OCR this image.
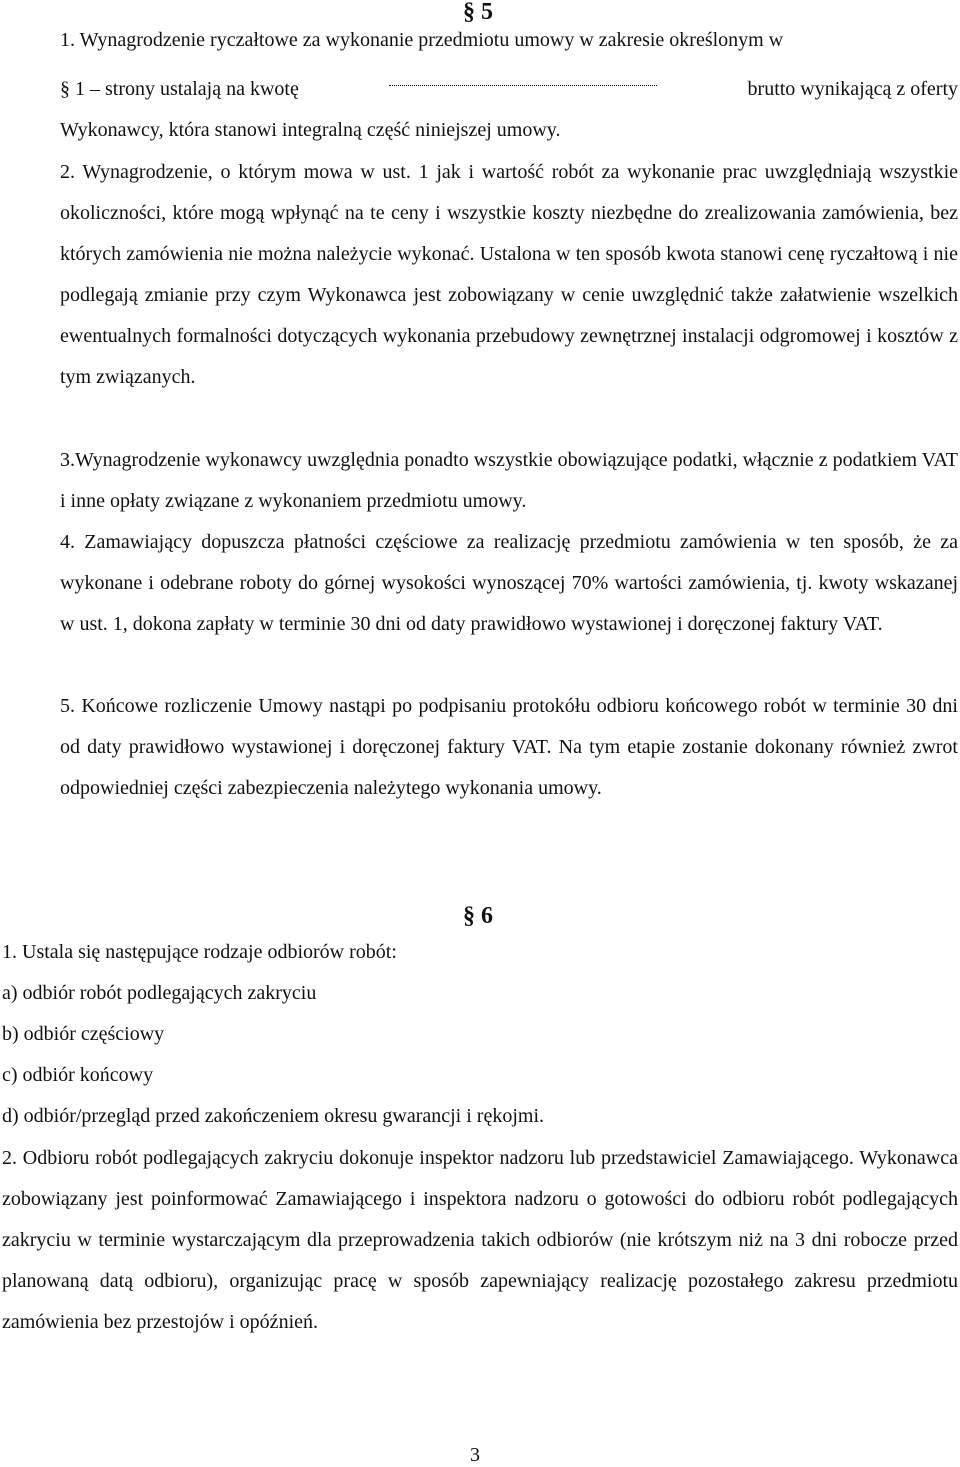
§ 5

1. Wynagrodzenie ryczałtowe za wykonanie przedmiotu umowy w zakresie określonym w

§ 1 – strony ustalają na kwotę	brutto wynikającą z oferty

Wykonawcy, która stanowi integralną część niniejszej umowy.

2. Wynagrodzenie, o którym mowa w ust. 1 jak i wartość robót za wykonanie prac uwzględniają wszystkie okoliczności, które mogą wpłynąć na te ceny i wszystkie koszty niezbędne do zrealizowania zamówienia, bez których zamówienia nie można należycie wykonać. Ustalona w ten sposób kwota stanowi cenę ryczałtową i nie podlegają zmianie przy czym Wykonawca jest zobowiązany w cenie uwzględnić także załatwienie wszelkich ewentualnych formalności dotyczących wykonania przebudowy zewnętrznej instalacji odgromowej i kosztów z tym związanych.

3.Wynagrodzenie wykonawcy uwzględnia ponadto wszystkie obowiązujące podatki, włącznie z podatkiem VAT i inne opłaty związane z wykonaniem przedmiotu umowy.

4. Zamawiający dopuszcza płatności częściowe za realizację przedmiotu zamówienia w ten sposób, że za wykonane i odebrane roboty do górnej wysokości wynoszącej 70% wartości zamówienia, tj. kwoty wskazanej w ust. 1, dokona zapłaty w terminie 30 dni od daty prawidłowo wystawionej i doręczonej faktury VAT.

5. Końcowe rozliczenie Umowy nastąpi po podpisaniu protokółu odbioru końcowego robót w terminie 30 dni od daty prawidłowo wystawionej i doręczonej faktury VAT. Na tym etapie zostanie dokonany również zwrot odpowiedniej części zabezpieczenia należytego wykonania umowy.

§ 6

1. Ustala się następujące rodzaje odbiorów robót:

a) odbiór robót podlegających zakryciu

b) odbiór częściowy

c) odbiór końcowy

d) odbiór/przegląd przed zakończeniem okresu gwarancji i rękojmi.

2. Odbioru robót podlegających zakryciu dokonuje inspektor nadzoru lub przedstawiciel Zamawiającego. Wykonawca zobowiązany jest poinformować Zamawiającego i inspektora nadzoru o gotowości do odbioru robót podlegających zakryciu w terminie wystarczającym dla przeprowadzenia takich odbiorów (nie krótszym niż na 3 dni robocze przed planowaną datą odbioru), organizując pracę w sposób zapewniający realizację pozostałego zakresu przedmiotu zamówienia bez przestojów i opóźnień.

3
